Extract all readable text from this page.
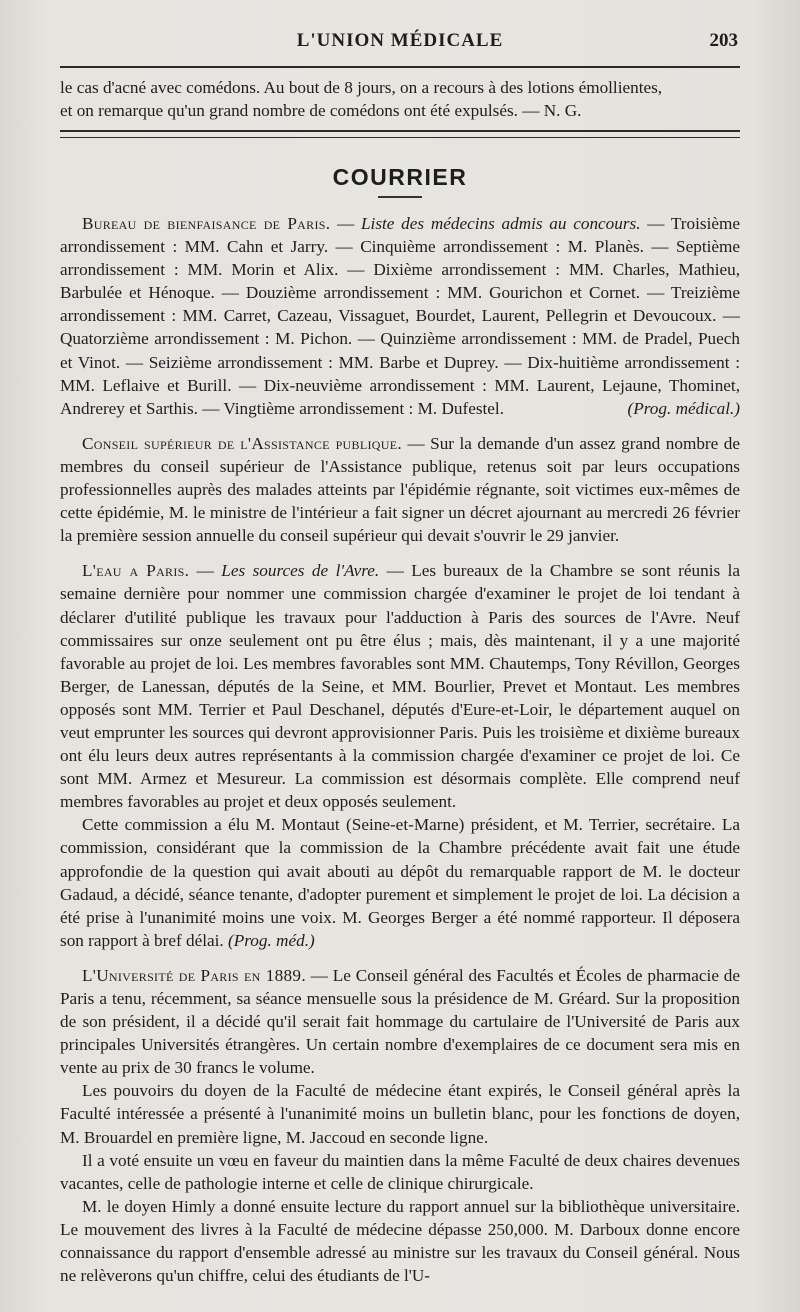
L'UNION MÉDICALE	203

le cas d'acné avec comédons. Au bout de 8 jours, on a recours à des lotions émollientes,

et on remarque qu'un grand nombre de comédons ont été expulsés. — N. G.

COURRIER

Bureau de bienfaisance de Paris. — Liste des médecins admis au concours. — Troisième arrondissement : MM. Cahn et Jarry. — Cinquième arrondissement : M. Planès. — Septième arrondissement : MM. Morin et Alix. — Dixième arrondissement : MM. Charles, Mathieu, Barbulée et Hénoque. — Douzième arrondissement : MM. Gourichon et Cornet. — Treizième arrondissement : MM. Carret, Cazeau, Vissaguet, Bourdet, Laurent, Pellegrin et Devoucoux. — Quatorzième arrondissement : M. Pichon. — Quinzième arrondissement : MM. de Pradel, Puech et Vinot. — Seizième arrondissement : MM. Barbe et Duprey. — Dix-huitième arrondissement : MM. Leflaive et Burill. — Dix-neuvième arrondissement : MM. Laurent, Lejaune, Thominet, Andrerey et Sarthis. — Vingtième arrondissement : M. Dufestel.	(Prog. médical.)

Conseil supérieur de l'Assistance publique. — Sur la demande d'un assez grand nombre de membres du conseil supérieur de l'Assistance publique, retenus soit par leurs occupations professionnelles auprès des malades atteints par l'épidémie régnante, soit victimes eux-mêmes de cette épidémie, M. le ministre de l'intérieur a fait signer un décret ajournant au mercredi 26 février la première session annuelle du conseil supérieur qui devait s'ouvrir le 29 janvier.

L'eau a Paris. — Les sources de l'Avre. — Les bureaux de la Chambre se sont réunis la semaine dernière pour nommer une commission chargée d'examiner le projet de loi tendant à déclarer d'utilité publique les travaux pour l'adduction à Paris des sources de l'Avre. Neuf commissaires sur onze seulement ont pu être élus ; mais, dès maintenant, il y a une majorité favorable au projet de loi. Les membres favorables sont MM. Chautemps, Tony Révillon, Georges Berger, de Lanessan, députés de la Seine, et MM. Bourlier, Prevet et Montaut. Les membres opposés sont MM. Terrier et Paul Deschanel, députés d'Eure-et-Loir, le département auquel on veut emprunter les sources qui devront approvisionner Paris. Puis les troisième et dixième bureaux ont élu leurs deux autres représentants à la commission chargée d'examiner ce projet de loi. Ce sont MM. Armez et Mesureur. La commission est désormais complète. Elle comprend neuf membres favorables au projet et deux opposés seulement.

Cette commission a élu M. Montaut (Seine-et-Marne) président, et M. Terrier, secrétaire. La commission, considérant que la commission de la Chambre précédente avait fait une étude approfondie de la question qui avait abouti au dépôt du remarquable rapport de M. le docteur Gadaud, a décidé, séance tenante, d'adopter purement et simplement le projet de loi. La décision a été prise à l'unanimité moins une voix. M. Georges Berger a été nommé rapporteur. Il déposera son rapport à bref délai. (Prog. méd.)

L'Université de Paris en 1889. — Le Conseil général des Facultés et Écoles de pharmacie de Paris a tenu, récemment, sa séance mensuelle sous la présidence de M. Gréard. Sur la proposition de son président, il a décidé qu'il serait fait hommage du cartulaire de l'Université de Paris aux principales Universités étrangères. Un certain nombre d'exemplaires de ce document sera mis en vente au prix de 30 francs le volume.

Les pouvoirs du doyen de la Faculté de médecine étant expirés, le Conseil général après la Faculté intéressée a présenté à l'unanimité moins un bulletin blanc, pour les fonctions de doyen, M. Brouardel en première ligne, M. Jaccoud en seconde ligne.

Il a voté ensuite un vœu en faveur du maintien dans la même Faculté de deux chaires devenues vacantes, celle de pathologie interne et celle de clinique chirurgicale.

M. le doyen Himly a donné ensuite lecture du rapport annuel sur la bibliothèque universitaire. Le mouvement des livres à la Faculté de médecine dépasse 250,000. M. Darboux donne encore connaissance du rapport d'ensemble adressé au ministre sur les travaux du Conseil général. Nous ne relèverons qu'un chiffre, celui des étudiants de l'U-
